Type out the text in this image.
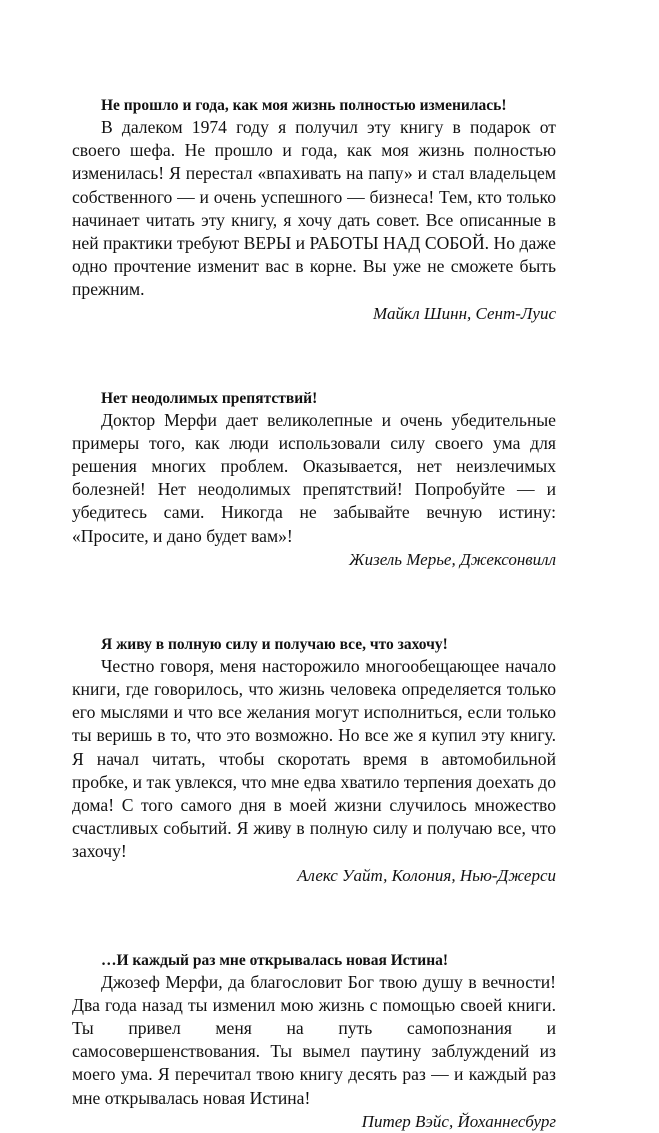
Не прошло и года, как моя жизнь полностью изменилась!

В далеком 1974 году я получил эту книгу в подарок от своего шефа. Не прошло и года, как моя жизнь полностью изменилась! Я перестал «впахивать на папу» и стал владельцем собственного — и очень успешного — бизнеса! Тем, кто только начинает читать эту книгу, я хочу дать совет. Все описанные в ней практики требуют ВЕРЫ и РАБОТЫ НАД СОБОЙ. Но даже одно прочтение изменит вас в корне. Вы уже не сможете быть прежним.

Майкл Шинн, Сент-Луис

Нет неодолимых препятствий!

Доктор Мерфи дает великолепные и очень убедительные примеры того, как люди использовали силу своего ума для решения многих проблем. Оказывается, нет неизлечимых болезней! Нет неодолимых препятствий! Попробуйте — и убедитесь сами. Никогда не забывайте вечную истину: «Просите, и дано будет вам»!

Жизель Мерье, Джексонвилл

Я живу в полную силу и получаю все, что захочу!

Честно говоря, меня насторожило многообещающее начало книги, где говорилось, что жизнь человека определяется только его мыслями и что все желания могут исполниться, если только ты веришь в то, что это возможно. Но все же я купил эту книгу. Я начал читать, чтобы скоротать время в автомобильной пробке, и так увлекся, что мне едва хватило терпения доехать до дома! С того самого дня в моей жизни случилось множество счастливых событий. Я живу в полную силу и получаю все, что захочу!

Алекс Уайт, Колония, Нью-Джерси

…И каждый раз мне открывалась новая Истина!

Джозеф Мерфи, да благословит Бог твою душу в вечности! Два года назад ты изменил мою жизнь с помощью своей книги. Ты привел меня на путь самопознания и самосовершенствования. Ты вымел паутину заблуждений из моего ума. Я перечитал твою книгу десять раз — и каждый раз мне открывалась новая Истина!

Питер Вэйс, Йоханнесбург
